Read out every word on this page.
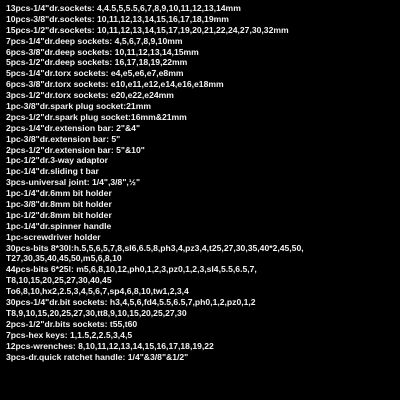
13pcs-1/4"dr.sockets: 4,4.5,5,5.5,6,7,8,9,10,11,12,13,14mm
10pcs-3/8"dr.sockets: 10,11,12,13,14,15,16,17,18,19mm
15pcs-1/2"dr.sockets: 10,11,12,13,14,15,17,19,20,21,22,24,27,30,32mm
7pcs-1/4"dr.deep sockets: 4,5,6,7,8,9,10mm
6pcs-3/8"dr.deep sockets: 10,11,12,13,14,15mm
5pcs-1/2"dr.deep sockets: 16,17,18,19,22mm
5pcs-1/4"dr.torx sockets: e4,e5,e6,e7,e8mm
6pcs-3/8"dr.torx sockets: e10,e11,e12,e14,e16,e18mm
3pcs-1/2"dr.torx sockets: e20,e22,e24mm
1pc-3/8"dr.spark plug socket:21mm
2pcs-1/2"dr.spark plug socket:16mm&21mm
2pcs-1/4"dr.extension bar: 2"&4"
1pc-3/8"dr.extension bar: 5"
2pcs-1/2"dr.extension bar: 5"&10"
1pc-1/2"dr.3-way adaptor
1pc-1/4"dr.sliding t bar
3pcs-universal joint: 1/4",3/8",½"
1pc-1/4"dr.6mm bit holder
1pc-3/8"dr.8mm bit holder
1pc-1/2"dr.8mm bit holder
1pc-1/4"dr.spinner handle
1pc-screwdriver holder
30pcs-bits 8*30l:h.5,5,6,5,7,8,sl6,6.5,8,ph3,4,pz3,4,t25,27,30,35,40*2,45,50,
T27,30,35,40,45,50,m5,6,8,10
44pcs-bits 6*25l: m5,6,8,10,12,ph0,1,2,3,pz0,1,2,3,sl4,5.5,6.5,7,
T8,10,15,20,25,27,30,40,45
To6,8,10,hx2,2.5,3,4,5,6,7,sp4,6,8,10,tw1,2,3,4
30pcs-1/4"dr.bit sockets: h3,4,5,6,fd4,5.5,6.5,7,ph0,1,2,pz0,1,2
T8,9,10,15,20,25,27,30,tt8,9,10,15,20,25,27,30
2pcs-1/2"dr.bits sockets: t55,t60
7pcs-hex keys: 1,1.5,2,2.5,3,4,5
12pcs-wrenches: 8,10,11,12,13,14,15,16,17,18,19,22
3pcs-dr.quick ratchet handle: 1/4"&3/8"&1/2"
